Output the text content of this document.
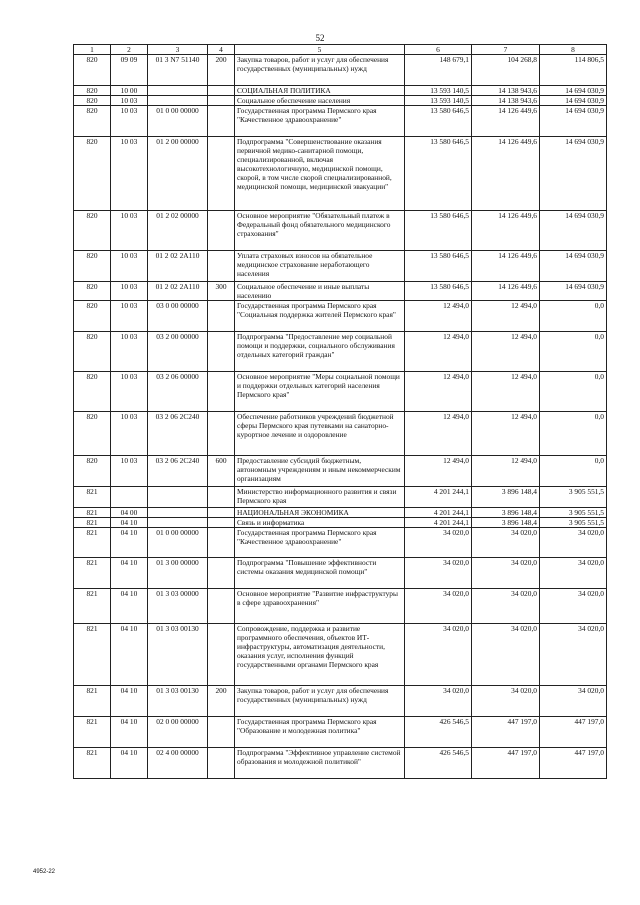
52
1	2	3	4	5	6	7	8
820	09 09	01 3 N7 51140	200	Закупка товаров, работ и услуг для обеспечения государственных (муниципальных) нужд	148 679,1	104 268,8	114 806,5
820	10 00			СОЦИАЛЬНАЯ ПОЛИТИКА	13 593 140,5	14 138 943,6	14 694 030,9
820	10 03			Социальное обеспечение населения	13 593 140,5	14 138 943,6	14 694 030,9
820	10 03	01 0 00 00000		Государственная программа Пермского края "Качественное здравоохранение"	13 580 646,5	14 126 449,6	14 694 030,9
820	10 03	01 2 00 00000		Подпрограмма "Совершенствование оказания первичной медико-санитарной помощи, специализированной, включая высокотехнологичную, медицинской помощи, скорой, в том числе скорой специализированной, медицинской помощи, медицинской эвакуации"	13 580 646,5	14 126 449,6	14 694 030,9
820	10 03	01 2 02 00000		Основное мероприятие "Обязательный платеж в Федеральный фонд обязательного медицинского страхования"	13 580 646,5	14 126 449,6	14 694 030,9
820	10 03	01 2 02 2А110		Уплата страховых взносов на обязательное медицинское страхование неработающего населения	13 580 646,5	14 126 449,6	14 694 030,9
820	10 03	01 2 02 2А110	300	Социальное обеспечение и иные выплаты населению	13 580 646,5	14 126 449,6	14 694 030,9
820	10 03	03 0 00 00000		Государственная программа Пермского края "Социальная поддержка жителей Пермского края"	12 494,0	12 494,0	0,0
820	10 03	03 2 00 00000		Подпрограмма "Предоставление мер социальной помощи и поддержки, социального обслуживания отдельных категорий граждан"	12 494,0	12 494,0	0,0
820	10 03	03 2 06 00000		Основное мероприятие "Меры социальной помощи и поддержки отдельных категорий населения Пермского края"	12 494,0	12 494,0	0,0
820	10 03	03 2 06 2С240		Обеспечение работников учреждений бюджетной сферы Пермского края путевками на санаторно-курортное лечение и оздоровление	12 494,0	12 494,0	0,0
820	10 03	03 2 06 2С240	600	Предоставление субсидий бюджетным, автономным учреждениям и иным некоммерческим организациям	12 494,0	12 494,0	0,0
821				Министерство информационного развития и связи Пермского края	4 201 244,1	3 896 148,4	3 905 551,5
821	04 00			НАЦИОНАЛЬНАЯ ЭКОНОМИКА	4 201 244,1	3 896 148,4	3 905 551,5
821	04 10			Связь и информатика	4 201 244,1	3 896 148,4	3 905 551,5
821	04 10	01 0 00 00000		Государственная программа Пермского края "Качественное здравоохранение"	34 020,0	34 020,0	34 020,0
821	04 10	01 3 00 00000		Подпрограмма "Повышение эффективности системы оказания медицинской помощи"	34 020,0	34 020,0	34 020,0
821	04 10	01 3 03 00000		Основное мероприятие "Развитие инфраструктуры в сфере здравоохранения"	34 020,0	34 020,0	34 020,0
821	04 10	01 3 03 00130		Сопровождение, поддержка и развитие программного обеспечения, объектов ИТ-инфраструктуры, автоматизация деятельности, оказания услуг, исполнения функций государственными органами Пермского края	34 020,0	34 020,0	34 020,0
821	04 10	01 3 03 00130	200	Закупка товаров, работ и услуг для обеспечения государственных (муниципальных) нужд	34 020,0	34 020,0	34 020,0
821	04 10	02 0 00 00000		Государственная программа Пермского края "Образование и молодежная политика"	426 546,5	447 197,0	447 197,0
821	04 10	02 4 00 00000		Подпрограмма "Эффективное управление системой образования и молодежной политикой"	426 546,5	447 197,0	447 197,0
4952-22
